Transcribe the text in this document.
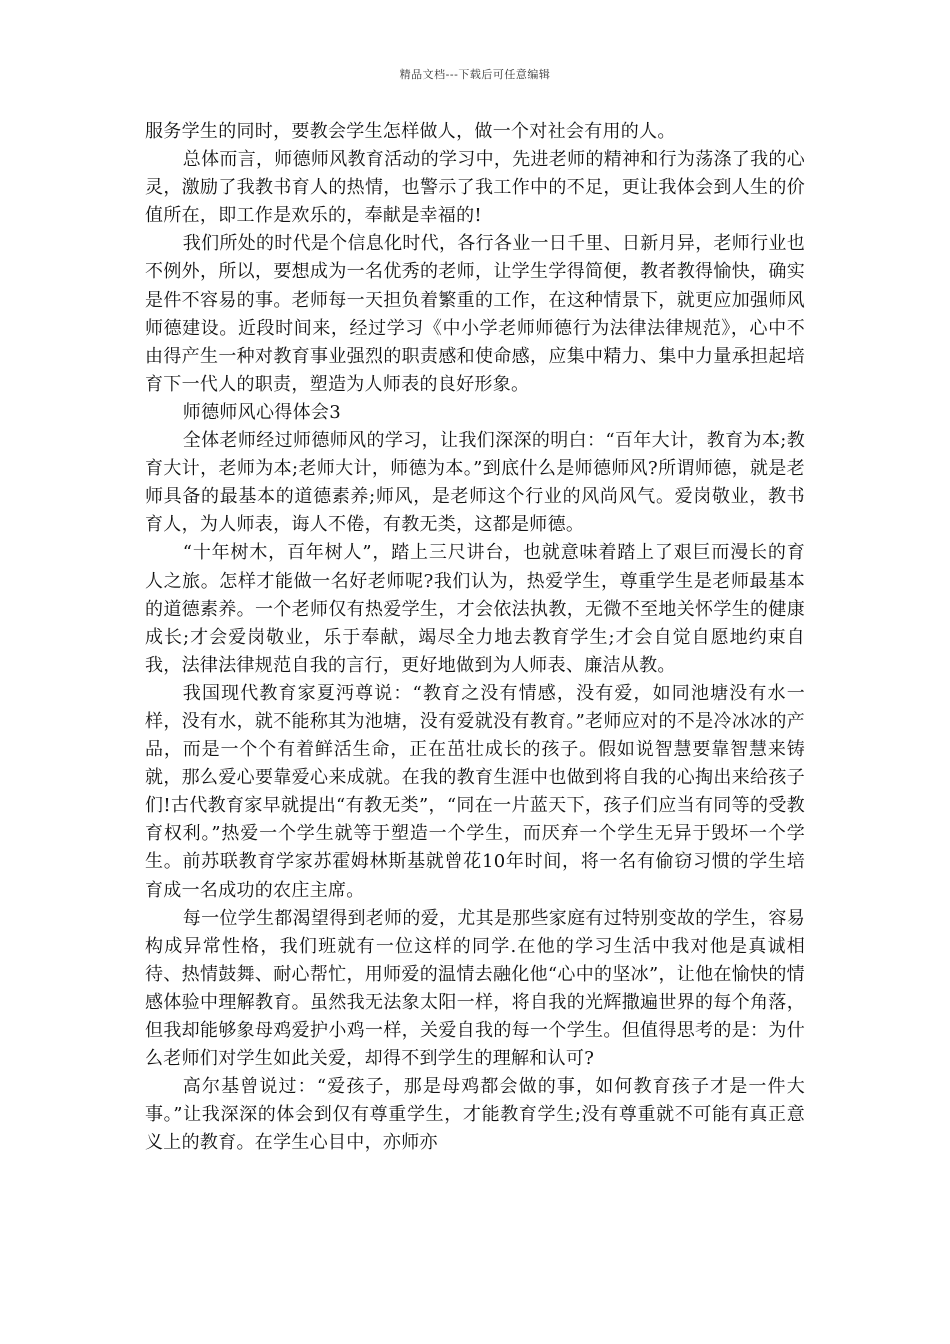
精品文档---下载后可任意编辑

服务学生的同时，要教会学生怎样做人，做一个对社会有用的人。

总体而言，师德师风教育活动的学习中，先进老师的精神和行为荡涤了我的心灵，激励了我教书育人的热情，也警示了我工作中的不足，更让我体会到人生的价值所在，即工作是欢乐的，奉献是幸福的!

我们所处的时代是个信息化时代，各行各业一日千里、日新月异，老师行业也不例外，所以，要想成为一名优秀的老师，让学生学得简便，教者教得愉快，确实是件不容易的事。老师每一天担负着繁重的工作，在这种情景下，就更应加强师风师德建设。近段时间来，经过学习《中小学老师师德行为法律法律规范》，心中不由得产生一种对教育事业强烈的职责感和使命感，应集中精力、集中力量承担起培育下一代人的职责，塑造为人师表的良好形象。

师德师风心得体会3

全体老师经过师德师风的学习，让我们深深的明白：“百年大计，教育为本;教育大计，老师为本;老师大计，师德为本。”到底什么是师德师风?所谓师德，就是老师具备的最基本的道德素养;师风，是老师这个行业的风尚风气。爱岗敬业，教书育人，为人师表，诲人不倦，有教无类，这都是师德。

“十年树木，百年树人”，踏上三尺讲台，也就意味着踏上了艰巨而漫长的育人之旅。怎样才能做一名好老师呢?我们认为，热爱学生，尊重学生是老师最基本的道德素养。一个老师仅有热爱学生，才会依法执教，无微不至地关怀学生的健康成长;才会爱岗敬业，乐于奉献，竭尽全力地去教育学生;才会自觉自愿地约束自我，法律法律规范自我的言行，更好地做到为人师表、廉洁从教。

我国现代教育家夏沔尊说：“教育之没有情感，没有爱，如同池塘没有水一样，没有水，就不能称其为池塘，没有爱就没有教育。”老师应对的不是冷冰冰的产品，而是一个个有着鲜活生命，正在茁壮成长的孩子。假如说智慧要靠智慧来铸就，那么爱心要靠爱心来成就。在我的教育生涯中也做到将自我的心掏出来给孩子们!古代教育家早就提出“有教无类”，“同在一片蓝天下，孩子们应当有同等的受教育权利。”热爱一个学生就等于塑造一个学生，而厌弃一个学生无异于毁坏一个学生。前苏联教育学家苏霍姆林斯基就曾花10年时间，将一名有偷窃习惯的学生培育成一名成功的农庄主席。

每一位学生都渴望得到老师的爱，尤其是那些家庭有过特别变故的学生，容易构成异常性格，我们班就有一位这样的同学.在他的学习生活中我对他是真诚相待、热情鼓舞、耐心帮忙，用师爱的温情去融化他“心中的坚冰”，让他在愉快的情感体验中理解教育。虽然我无法象太阳一样，将自我的光辉撒遍世界的每个角落，但我却能够象母鸡爱护小鸡一样，关爱自我的每一个学生。但值得思考的是：为什么老师们对学生如此关爱，却得不到学生的理解和认可?

高尔基曾说过：“爱孩子，那是母鸡都会做的事，如何教育孩子才是一件大事。”让我深深的体会到仅有尊重学生，才能教育学生;没有尊重就不可能有真正意义上的教育。在学生心目中，亦师亦
